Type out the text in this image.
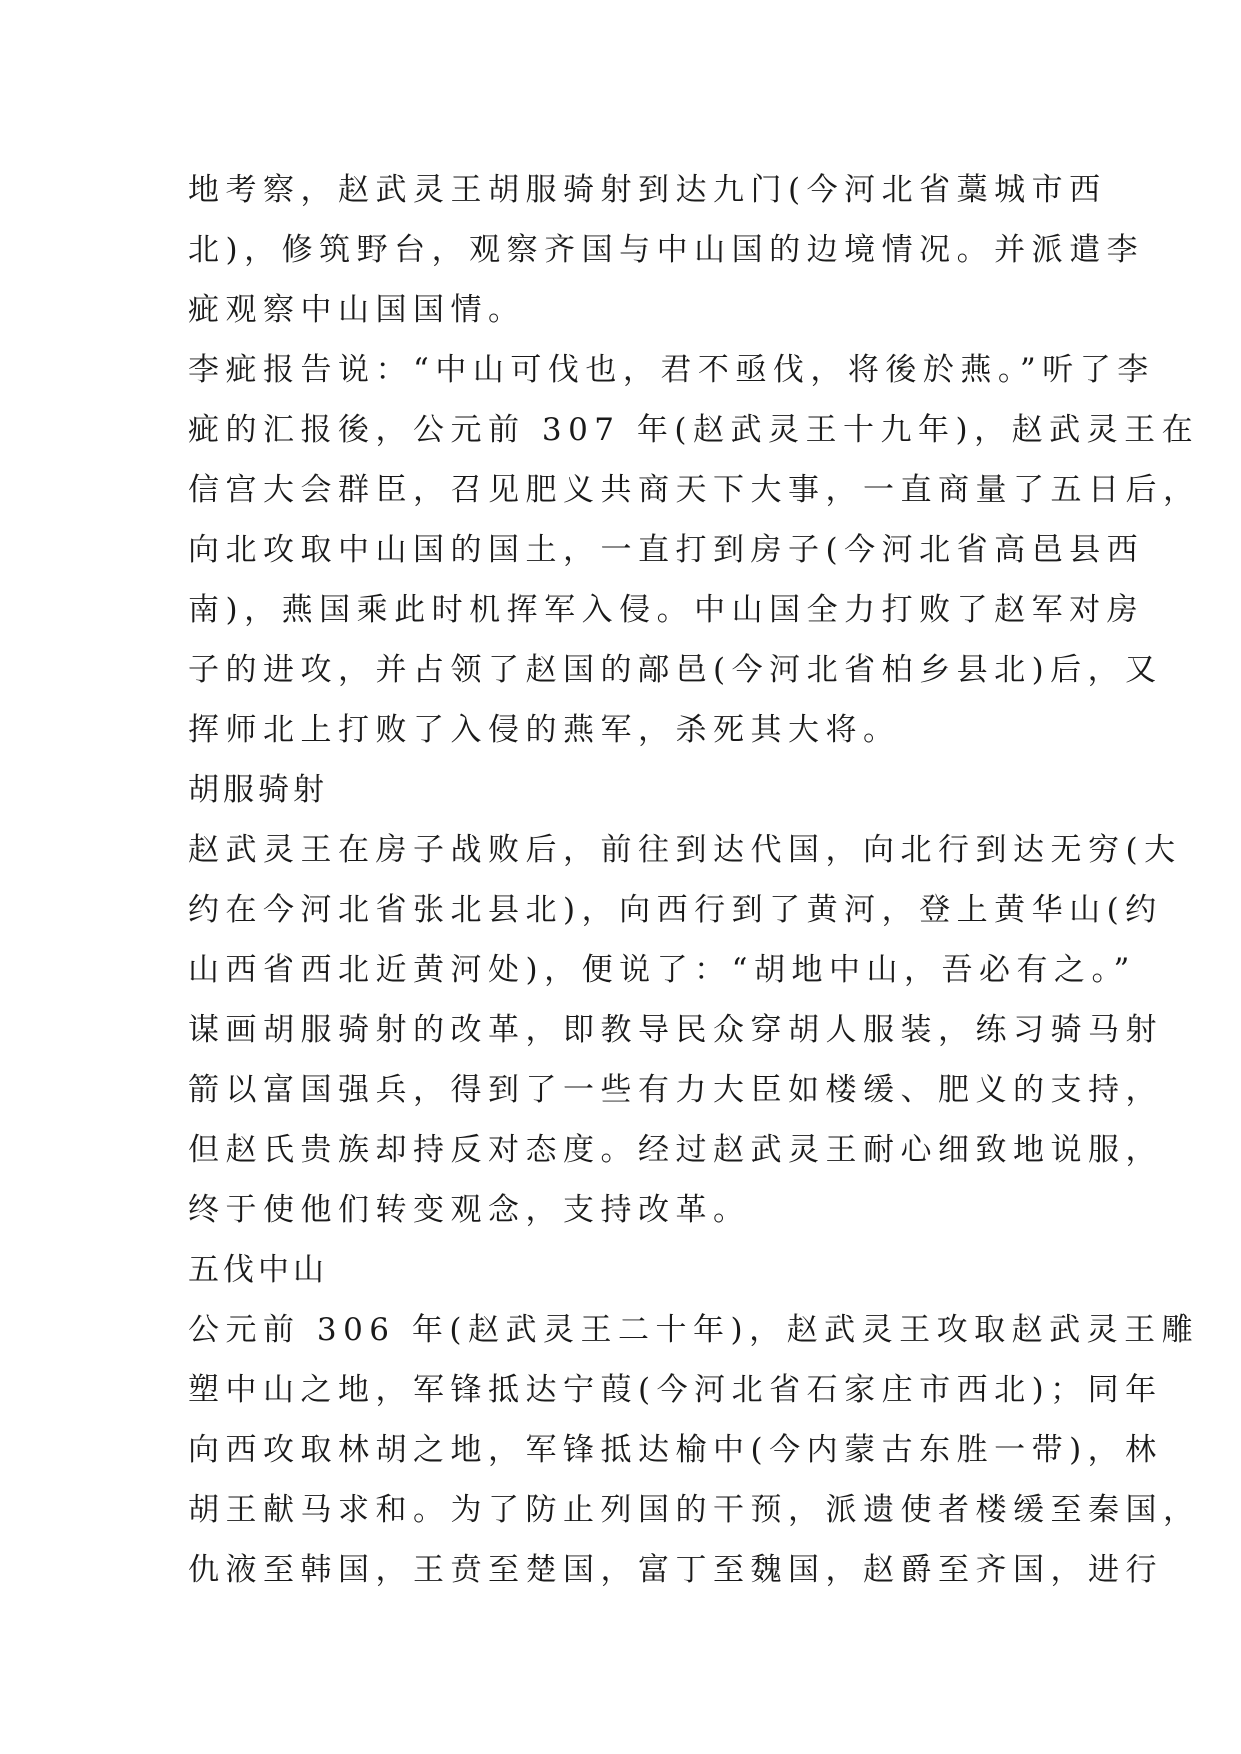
地考察，赵武灵王胡服骑射到达九门(今河北省藁城市西
北)，修筑野台，观察齐国与中山国的边境情况。并派遣李
疵观察中山国国情。
李疵报告说：“中山可伐也，君不亟伐，将後於燕。”听了李
疵的汇报後，公元前 307 年(赵武灵王十九年)，赵武灵王在
信宫大会群臣，召见肥义共商天下大事，一直商量了五日后，
向北攻取中山国的国土，一直打到房子(今河北省高邑县西
南)，燕国乘此时机挥军入侵。中山国全力打败了赵军对房
子的进攻，并占领了赵国的鄗邑(今河北省柏乡县北)后，又
挥师北上打败了入侵的燕军，杀死其大将。
胡服骑射
赵武灵王在房子战败后，前往到达代国，向北行到达无穷(大
约在今河北省张北县北)，向西行到了黄河，登上黄华山(约
山西省西北近黄河处)，便说了：“胡地中山，吾必有之。”
谋画胡服骑射的改革，即教导民众穿胡人服装，练习骑马射
箭以富国强兵，得到了一些有力大臣如楼缓、肥义的支持，
但赵氏贵族却持反对态度。经过赵武灵王耐心细致地说服，
终于使他们转变观念，支持改革。
五伐中山
公元前 306 年(赵武灵王二十年)，赵武灵王攻取赵武灵王雕
塑中山之地，军锋抵达宁葭(今河北省石家庄市西北)；同年
向西攻取林胡之地，军锋抵达榆中(今内蒙古东胜一带)，林
胡王献马求和。为了防止列国的干预，派遗使者楼缓至秦国，
仇液至韩国，王贲至楚国，富丁至魏国，赵爵至齐国，进行
